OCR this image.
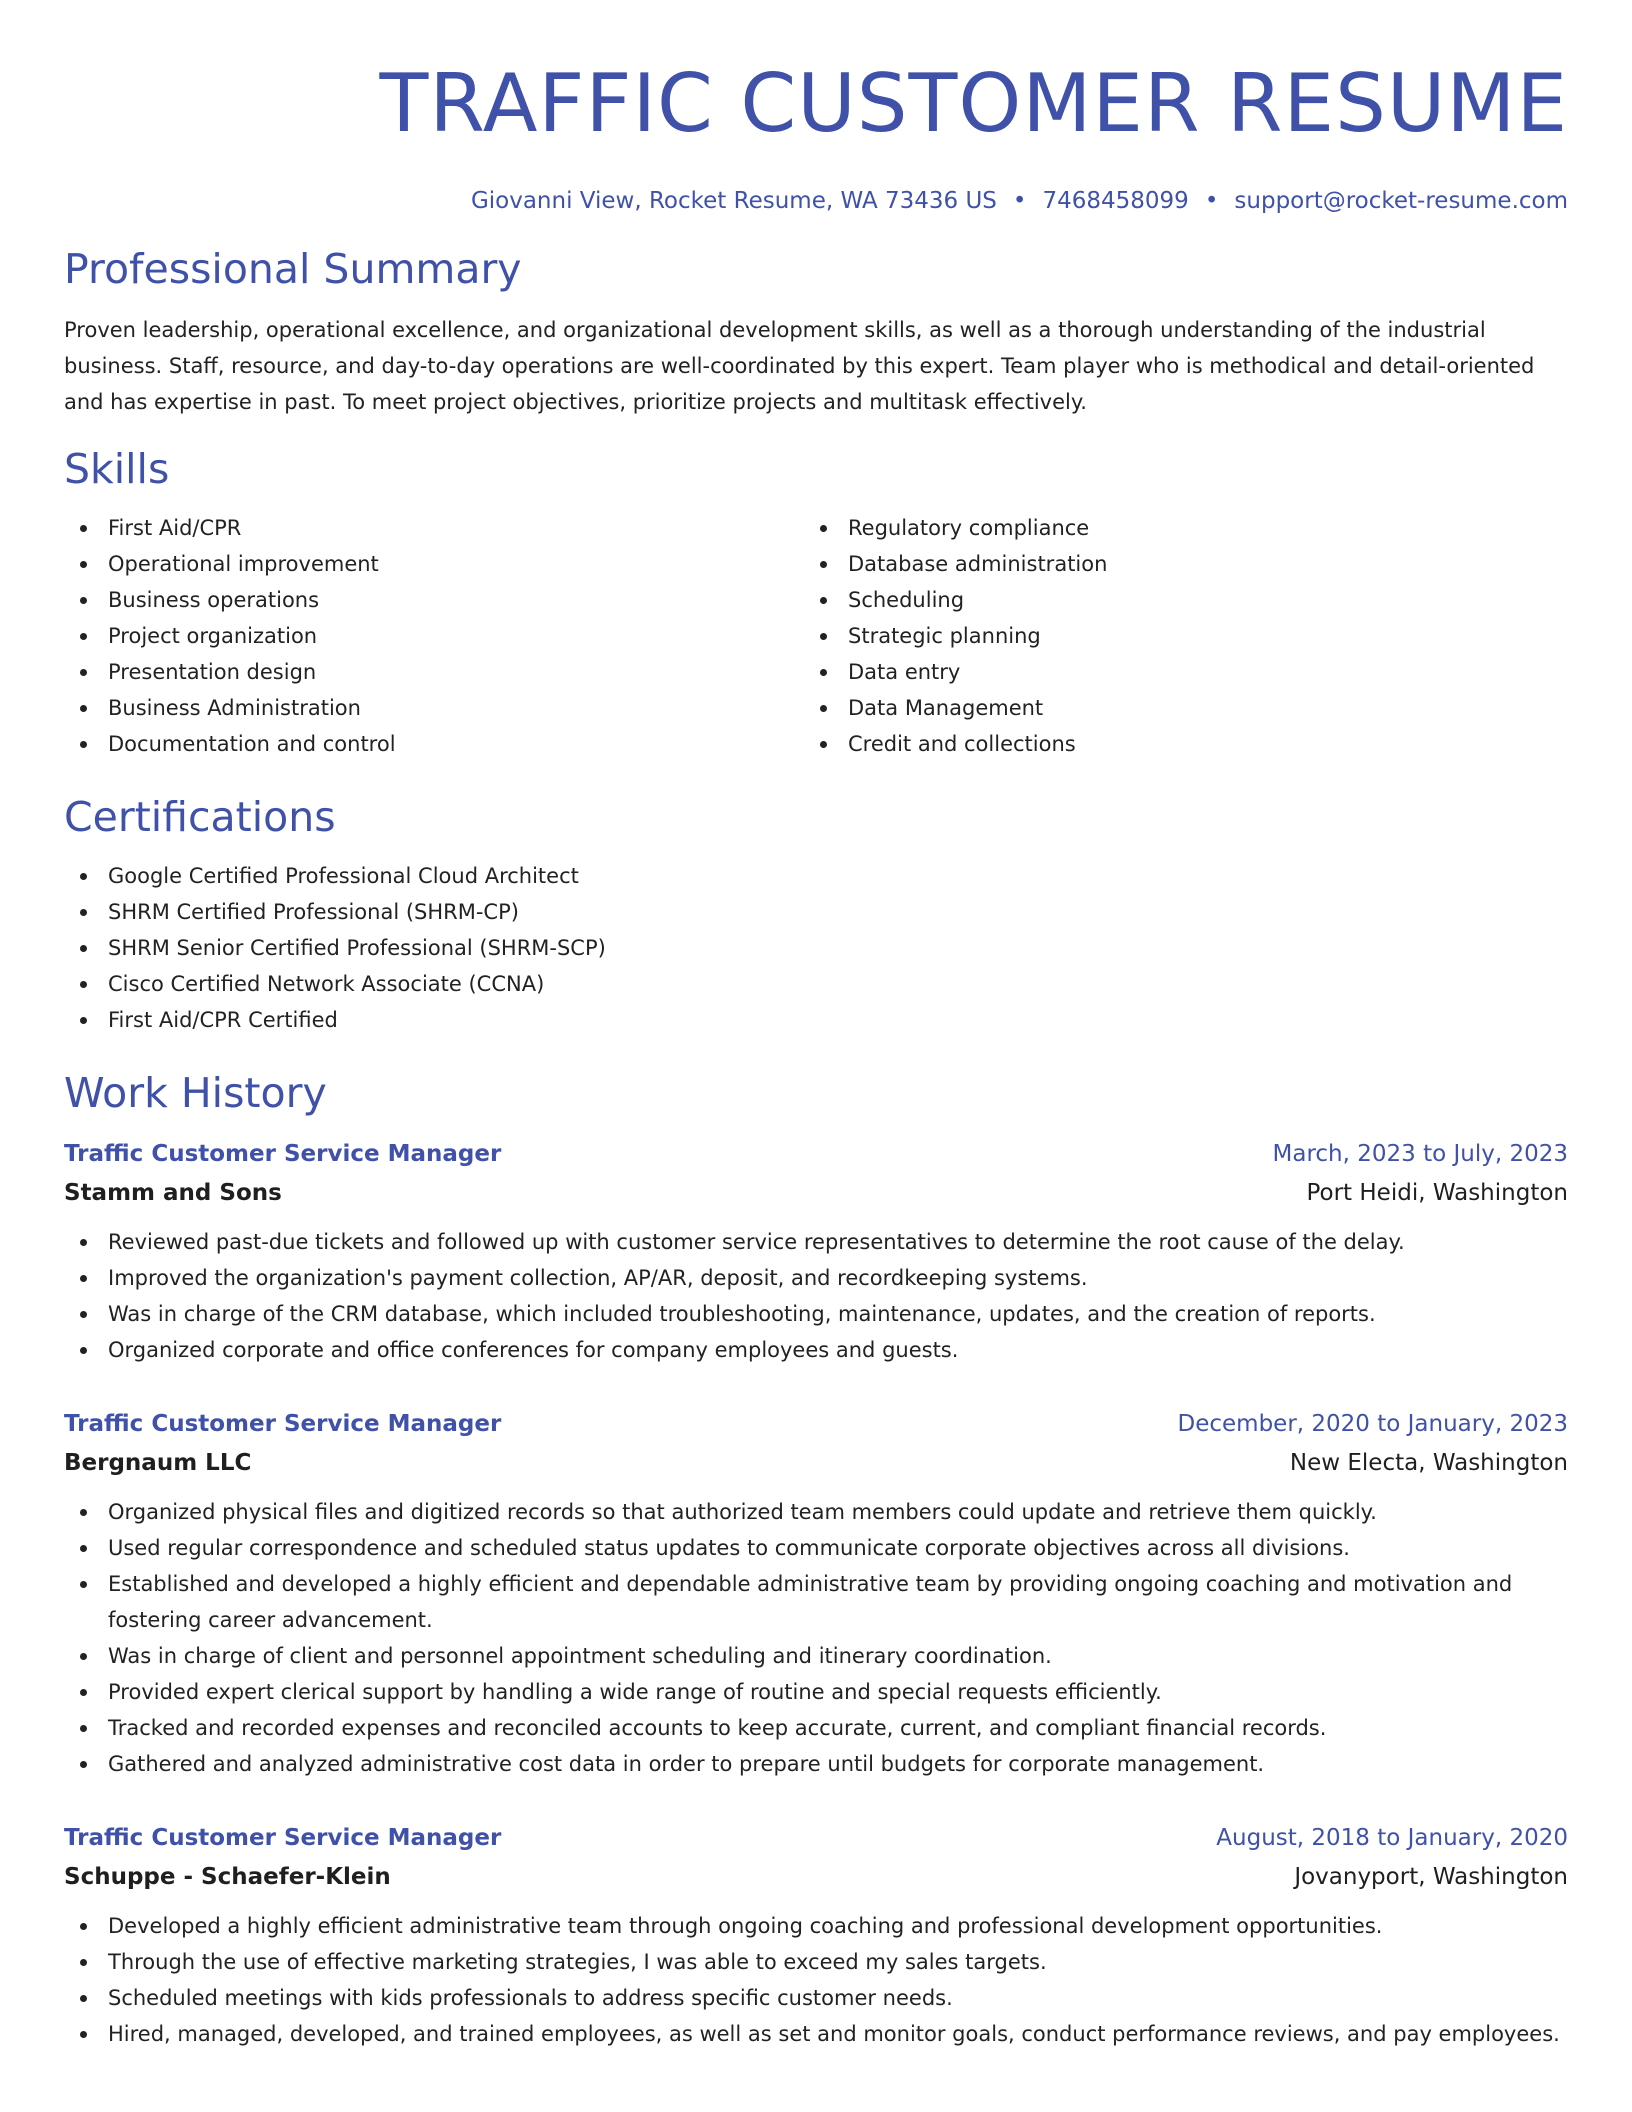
TRAFFIC CUSTOMER RESUME
Giovanni View, Rocket Resume, WA 73436 US • 7468458099 • support@rocket-resume.com
Professional Summary

Proven leadership, operational excellence, and organizational development skills, as well as a thorough understanding of the industrial business. Staff, resource, and day-to-day operations are well-coordinated by this expert. Team player who is methodical and detail-oriented and has expertise in past. To meet project objectives, prioritize projects and multitask effectively.

Skills
First Aid/CPR
Operational improvement
Business operations
Project organization
Presentation design
Business Administration
Documentation and control
Regulatory compliance
Database administration
Scheduling
Strategic planning
Data entry
Data Management
Credit and collections
Certifications
Google Certified Professional Cloud Architect
SHRM Certified Professional (SHRM-CP)
SHRM Senior Certified Professional (SHRM-SCP)
Cisco Certified Network Associate (CCNA)
First Aid/CPR Certified
Work History
Traffic Customer Service Manager	March, 2023 to July, 2023
Stamm and Sons	Port Heidi, Washington
Reviewed past-due tickets and followed up with customer service representatives to determine the root cause of the delay.
Improved the organization's payment collection, AP/AR, deposit, and recordkeeping systems.
Was in charge of the CRM database, which included troubleshooting, maintenance, updates, and the creation of reports.
Organized corporate and office conferences for company employees and guests.
Traffic Customer Service Manager	December, 2020 to January, 2023
Bergnaum LLC	New Electa, Washington
Organized physical files and digitized records so that authorized team members could update and retrieve them quickly.
Used regular correspondence and scheduled status updates to communicate corporate objectives across all divisions.
Established and developed a highly efficient and dependable administrative team by providing ongoing coaching and motivation and fostering career advancement.
Was in charge of client and personnel appointment scheduling and itinerary coordination.
Provided expert clerical support by handling a wide range of routine and special requests efficiently.
Tracked and recorded expenses and reconciled accounts to keep accurate, current, and compliant financial records.
Gathered and analyzed administrative cost data in order to prepare until budgets for corporate management.
Traffic Customer Service Manager	August, 2018 to January, 2020
Schuppe - Schaefer-Klein	Jovanyport, Washington
Developed a highly efficient administrative team through ongoing coaching and professional development opportunities.
Through the use of effective marketing strategies, I was able to exceed my sales targets.
Scheduled meetings with kids professionals to address specific customer needs.
Hired, managed, developed, and trained employees, as well as set and monitor goals, conduct performance reviews, and pay employees.
